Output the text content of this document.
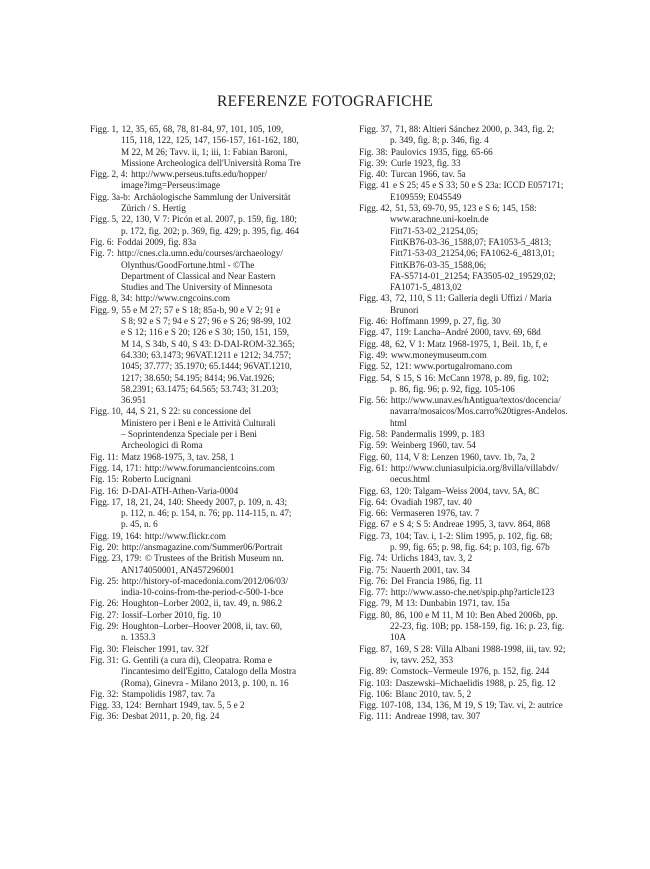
REFERENZE FOTOGRAFICHE
Figg. 1, 12, 35, 65, 68, 78, 81-84, 97, 101, 105, 109,
115, 118, 122, 125, 147, 156-157, 161-162, 180,
M 22, M 26; Tavv. ii, 1; iii, 1: Fabian Baroni,
Missione Archeologica dell'Università Roma Tre
Figg. 2, 4: http://www.perseus.tufts.edu/hopper/
image?img=Perseus:image
Figg. 3a-b: Archäologische Sammlung der Universität
Zürich / S. Hertig
Figg. 5, 22, 130, V 7: Picón et al. 2007, p. 159, fig. 180;
p. 172, fig. 202; p. 369, fig. 429; p. 395, fig. 464
Fig. 6: Foddai 2009, fig. 83a
Fig. 7: http://cnes.cla.umn.edu/courses/archaeology/
Olynthus/GoodFortune.html - ©The
Department of Classical and Near Eastern
Studies and The University of Minnesota
Figg. 8, 34: http://www.cngcoins.com
Figg. 9, 55 e M 27; 57 e S 18; 85a-b, 90 e V 2; 91 e
S 8; 92 e S 7; 94 e S 27; 96 e S 26; 98-99, 102
e S 12; 116 e S 20; 126 e S 30; 150, 151, 159,
M 14, S 34b, S 40, S 43: D-DAI-ROM-32.365;
64.330; 63.1473; 96VAT.1211 e 1212; 34.757;
1045; 37.777; 35.1970; 65.1444; 96VAT.1210,
1217; 38.650; 54.195; 8414; 96.Vat.1926;
58.2391; 63.1475; 64.565; 53.743; 31.203;
36.951
Figg. 10, 44, S 21, S 22: su concessione del
Ministero per i Beni e le Attività Culturali
– Soprintendenza Speciale per i Beni
Archeologici di Roma
Fig. 11: Matz 1968-1975, 3, tav. 258, 1
Figg. 14, 171: http://www.forumancientcoins.com
Fig. 15: Roberto Lucignani
Fig. 16: D-DAI-ATH-Athen-Varia-0004
Figg. 17, 18, 21, 24, 140: Sheedy 2007, p. 109, n. 43;
p. 112, n. 46; p. 154, n. 76; pp. 114-115, n. 47;
p. 45, n. 6
Figg. 19, 164: http://www.flickr.com
Fig. 20: http://ansmagazine.com/Summer06/Portrait
Figg. 23, 179: © Trustees of the British Museum nn.
AN174050001, AN457296001
Fig. 25: http://history-of-macedonia.com/2012/06/03/
india-10-coins-from-the-period-c-500-1-bce
Fig. 26: Houghton–Lorber 2002, ii, tav. 49, n. 986.2
Fig. 27: Iossif–Lorber 2010, fig. 10
Fig. 29: Houghton–Lorber–Hoover 2008, ii, tav. 60,
n. 1353.3
Fig. 30: Fleischer 1991, tav. 32f
Fig. 31: G. Gentili (a cura di), Cleopatra. Roma e
l'incantesimo dell'Egitto, Catalogo della Mostra
(Roma), Ginevra - Milano 2013, p. 100, n. 16
Fig. 32: Stampolidis 1987, tav. 7a
Figg. 33, 124: Bernhart 1949, tav. 5, 5 e 2
Fig. 36: Desbat 2011, p. 20, fig. 24
Figg. 37, 71, 88: Altieri Sánchez 2000, p. 343, fig. 2;
p. 349, fig. 8; p. 346, fig. 4
Fig. 38: Paulovics 1935, figg. 65-66
Fig. 39: Curle 1923, fig. 33
Fig. 40: Turcan 1966, tav. 5a
Figg. 41 e S 25; 45 e S 33; 50 e S 23a: ICCD E057171;
E109559; E045549
Figg. 42, 51, 53, 69-70, 95, 123 e S 6; 145, 158:
www.arachne.uni-koeln.de
Fitt71-53-02_21254,05;
FittKB76-03-36_1588,07; FA1053-5_4813;
Fitt71-53-03_21254,06; FA1062-6_4813,01;
FittKB76-03-35_1588,06;
FA-S5714-01_21254; FA3505-02_19529,02;
FA1071-5_4813,02
Figg. 43, 72, 110, S 11: Galleria degli Uffizi / Maria
Brunori
Fig. 46: Hoffmann 1999, p. 27, fig. 30
Figg. 47, 119: Lancha–André 2000, tavv. 69, 68d
Figg. 48, 62, V 1: Matz 1968-1975, 1, Beil. 1b, f, e
Fig. 49: www.moneymuseum.com
Figg. 52, 121: www.portugalromano.com
Figg. 54, S 15, S 16: McCann 1978, p. 89, fig. 102;
p. 86, fig. 96; p. 92, figg. 105-106
Fig. 56: http://www.unav.es/hAntigua/textos/docencia/
navarra/mosaicos/Mos.carro%20tigres-Andelos.
html
Fig. 58: Pandermalis 1999, p. 183
Fig. 59: Weinberg 1960, tav. 54
Figg. 60, 114, V 8: Lenzen 1960, tavv. 1b, 7a, 2
Fig. 61: http://www.cluniasulpicia.org/8villa/villabdv/
oecus.html
Figg. 63, 120: Talgam–Weiss 2004, tavv. 5A, 8C
Fig. 64: Ovadiah 1987, tav. 40
Fig. 66: Vermaseren 1976, tav. 7
Figg. 67 e S 4; S 5: Andreae 1995, 3, tavv. 864, 868
Figg. 73, 104; Tav. i, 1-2: Slim 1995, p. 102, fig. 68;
p. 99, fig. 65; p. 98, fig. 64; p. 103, fig. 67b
Fig. 74: Urlichs 1843, tav. 3, 2
Fig. 75: Nauerth 2001, tav. 34
Fig. 76: Del Francia 1986, fig. 11
Fig. 77: http://www.asso-che.net/spip.php?article123
Figg. 79, M 13: Dunbabin 1971, tav. 15a
Figg. 80, 86, 100 e M 11, M 10: Ben Abed 2006b, pp.
22-23, fig. 10B; pp. 158-159, fig. 16; p. 23, fig.
10A
Figg. 87, 169, S 28: Villa Albani 1988-1998, iii, tav. 92;
iv, tavv. 252, 353
Fig. 89: Comstock–Vermeule 1976, p. 152, fig. 244
Fig. 103: Daszewski–Michaelidis 1988, p. 25, fig. 12
Fig. 106: Blanc 2010, tav. 5, 2
Figg. 107-108, 134, 136, M 19, S 19; Tav. vi, 2: autrice
Fig. 111: Andreae 1998, tav. 307
